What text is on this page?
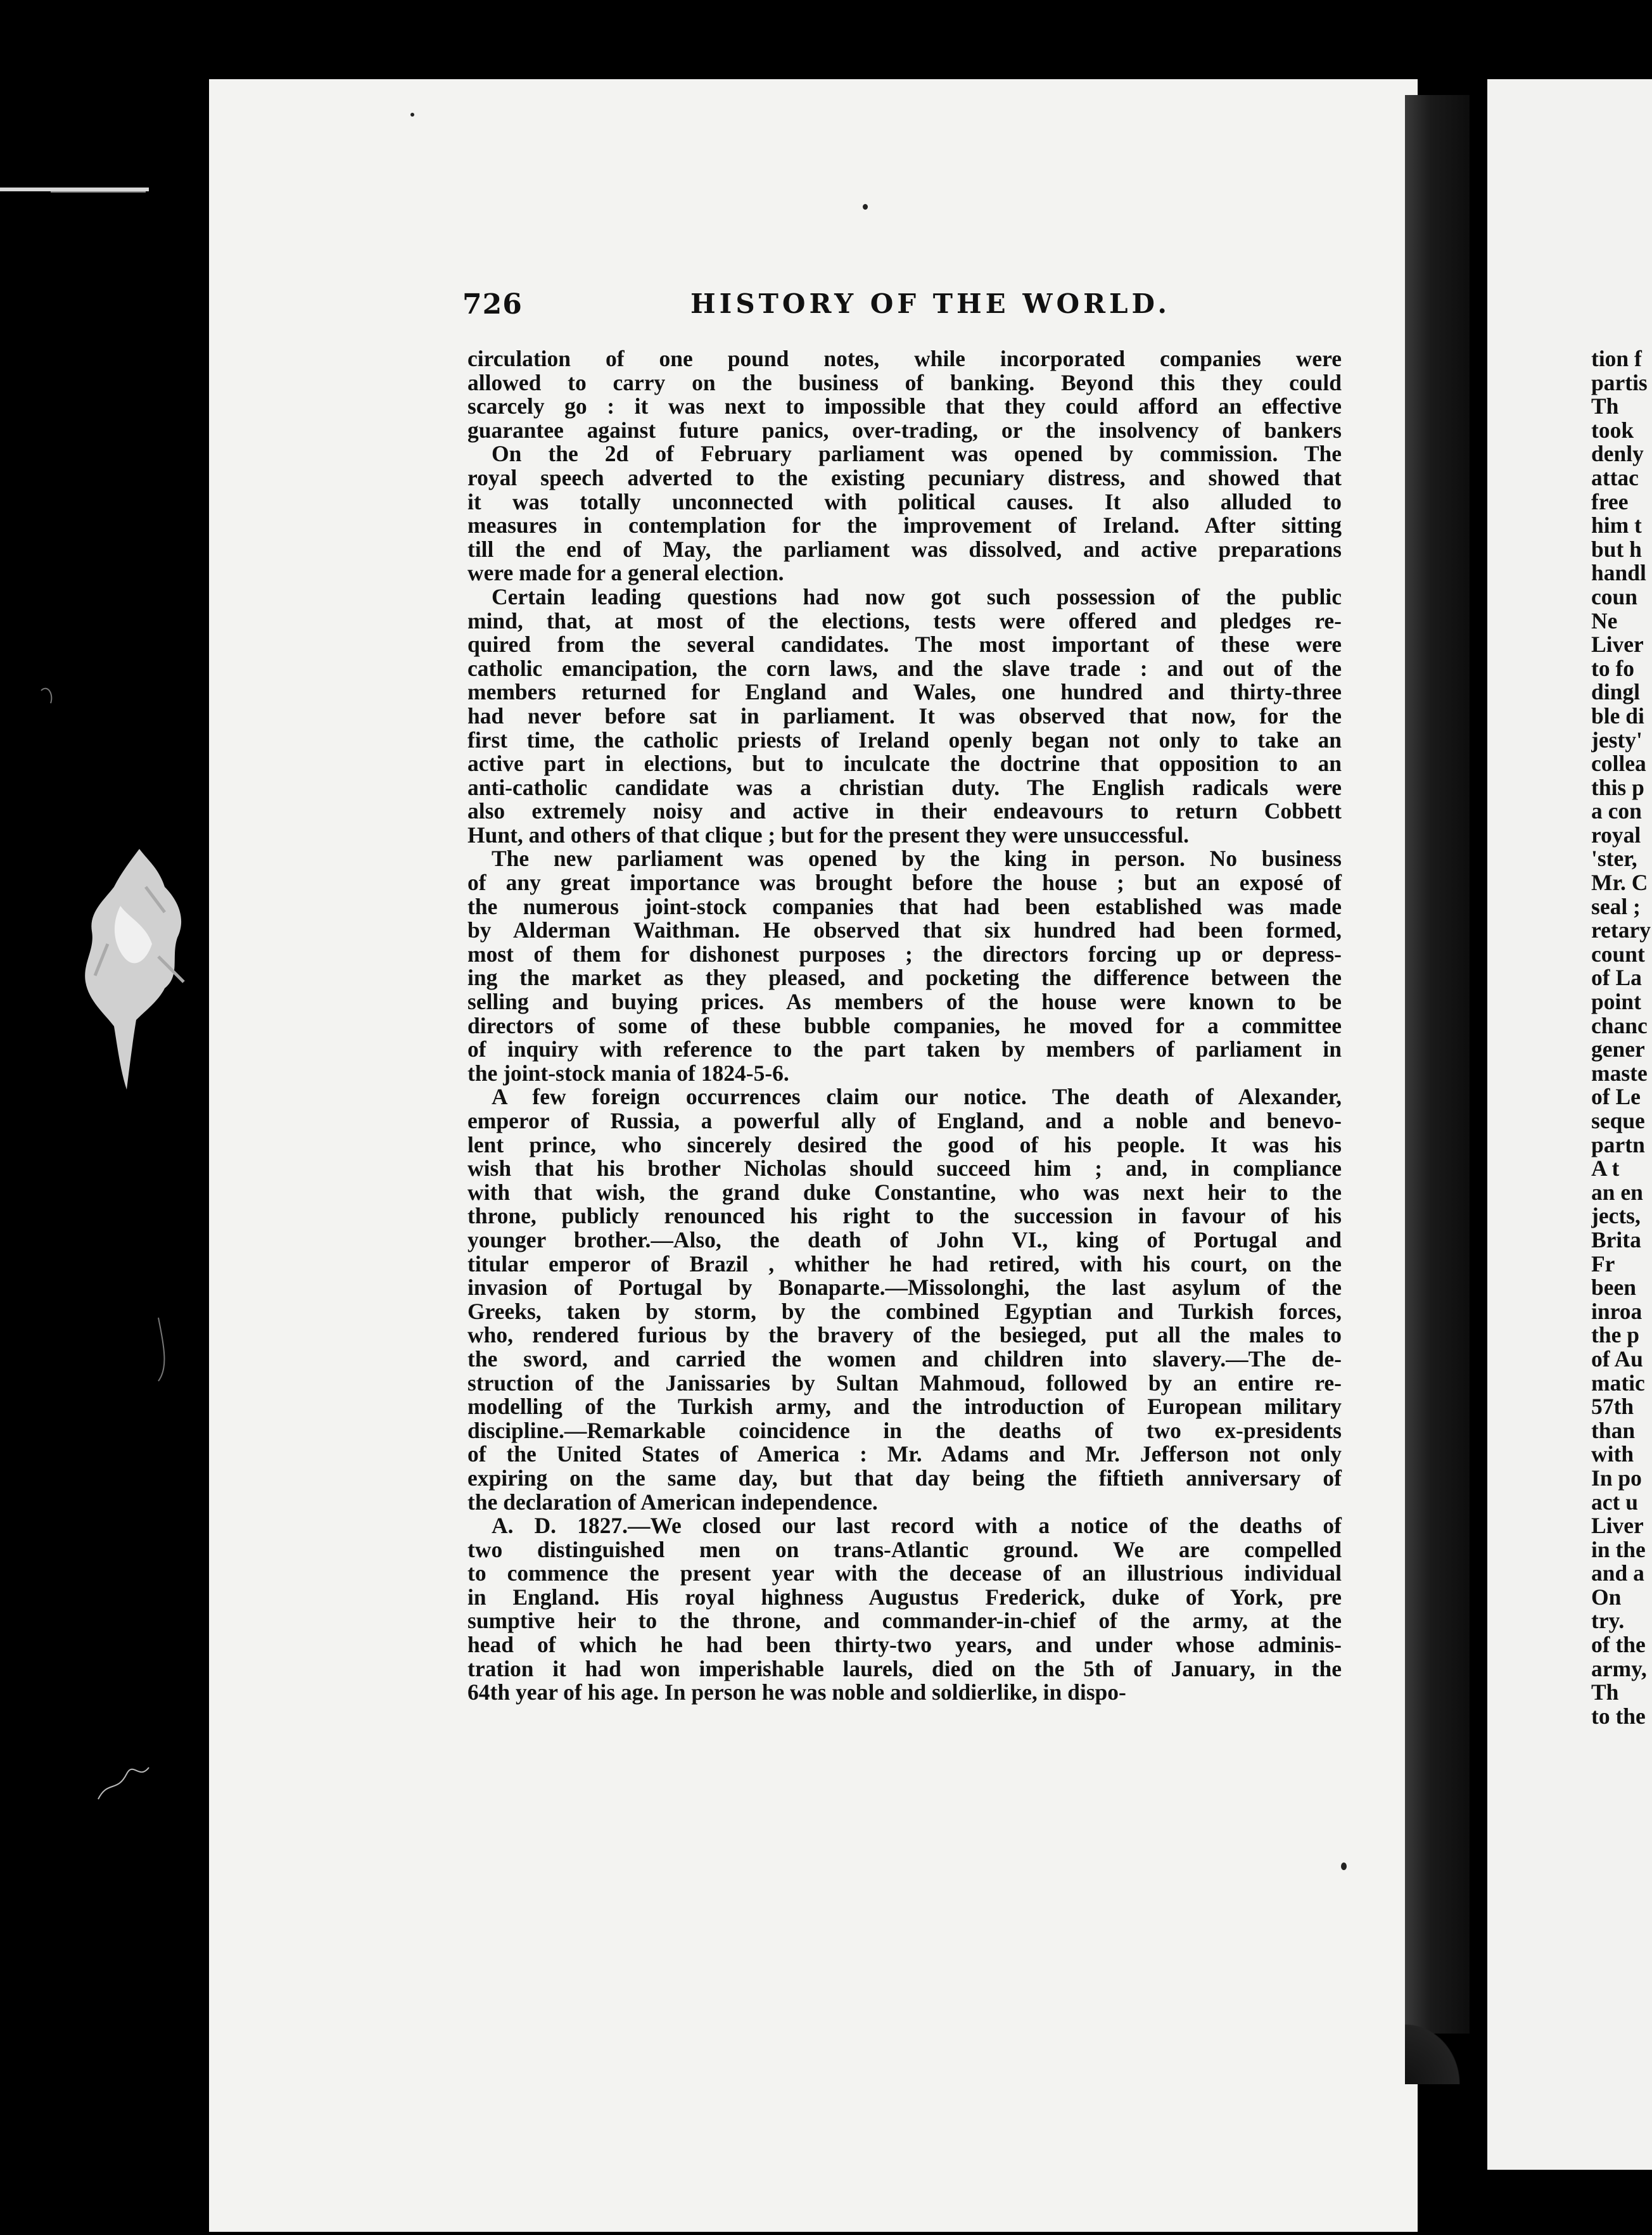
726	HISTORY OF THE WORLD.
circulation of one pound notes, while incorporated companies were
allowed to carry on the business of banking. Beyond this they could
scarcely go : it was next to impossible that they could afford an effective
guarantee against future panics, over-trading, or the insolvency of bankers
On the 2d of February parliament was opened by commission. The
royal speech adverted to the existing pecuniary distress, and showed that
it was totally unconnected with political causes. It also alluded to
measures in contemplation for the improvement of Ireland. After sitting
till the end of May, the parliament was dissolved, and active preparations
were made for a general election.
Certain leading questions had now got such possession of the public
mind, that, at most of the elections, tests were offered and pledges re-
quired from the several candidates. The most important of these were
catholic emancipation, the corn laws, and the slave trade : and out of the
members returned for England and Wales, one hundred and thirty-three
had never before sat in parliament. It was observed that now, for the
first time, the catholic priests of Ireland openly began not only to take an
active part in elections, but to inculcate the doctrine that opposition to an
anti-catholic candidate was a christian duty. The English radicals were
also extremely noisy and active in their endeavours to return Cobbett
Hunt, and others of that clique ; but for the present they were unsuccessful.
The new parliament was opened by the king in person. No business
of any great importance was brought before the house ; but an exposé of
the numerous joint-stock companies that had been established was made
by Alderman Waithman. He observed that six hundred had been formed,
most of them for dishonest purposes ; the directors forcing up or depress-
ing the market as they pleased, and pocketing the difference between the
selling and buying prices. As members of the house were known to be
directors of some of these bubble companies, he moved for a committee
of inquiry with reference to the part taken by members of parliament in
the joint-stock mania of 1824-5-6.
A few foreign occurrences claim our notice. The death of Alexander,
emperor of Russia, a powerful ally of England, and a noble and benevo-
lent prince, who sincerely desired the good of his people. It was his
wish that his brother Nicholas should succeed him ; and, in compliance
with that wish, the grand duke Constantine, who was next heir to the
throne, publicly renounced his right to the succession in favour of his
younger brother.—Also, the death of John VI., king of Portugal and
titular emperor of Brazil , whither he had retired, with his court, on the
invasion of Portugal by Bonaparte.—Missolonghi, the last asylum of the
Greeks, taken by storm, by the combined Egyptian and Turkish forces,
who, rendered furious by the bravery of the besieged, put all the males to
the sword, and carried the women and children into slavery.—The de-
struction of the Janissaries by Sultan Mahmoud, followed by an entire re-
modelling of the Turkish army, and the introduction of European military
discipline.—Remarkable coincidence in the deaths of two ex-presidents
of the United States of America : Mr. Adams and Mr. Jefferson not only
expiring on the same day, but that day being the fiftieth anniversary of
the declaration of American independence.
A. D. 1827.—We closed our last record with a notice of the deaths of
two distinguished men on trans-Atlantic ground. We are compelled
to commence the present year with the decease of an illustrious individual
in England. His royal highness Augustus Frederick, duke of York, pre
sumptive heir to the throne, and commander-in-chief of the army, at the
head of which he had been thirty-two years, and under whose adminis-
tration it had won imperishable laurels, died on the 5th of January, in the
64th year of his age. In person he was noble and soldierlike, in dispo-
tion f
partis
Th
took
denly
attac
free
him t
but h
handl
coun
Ne
Liver
to fo
dingl
ble di
jesty'
collea
this p
a con
royal
'ster,
Mr. C
seal ;
retary
count
of La
point
chanc
gener
maste
of Le
seque
partn
A t
an en
jects,
Brita
Fr
been
inroa
the p
of Au
matic
57th
than
with
In po
act u
Liver
in the
and a
On
try.
of the
army,
Th
to the
